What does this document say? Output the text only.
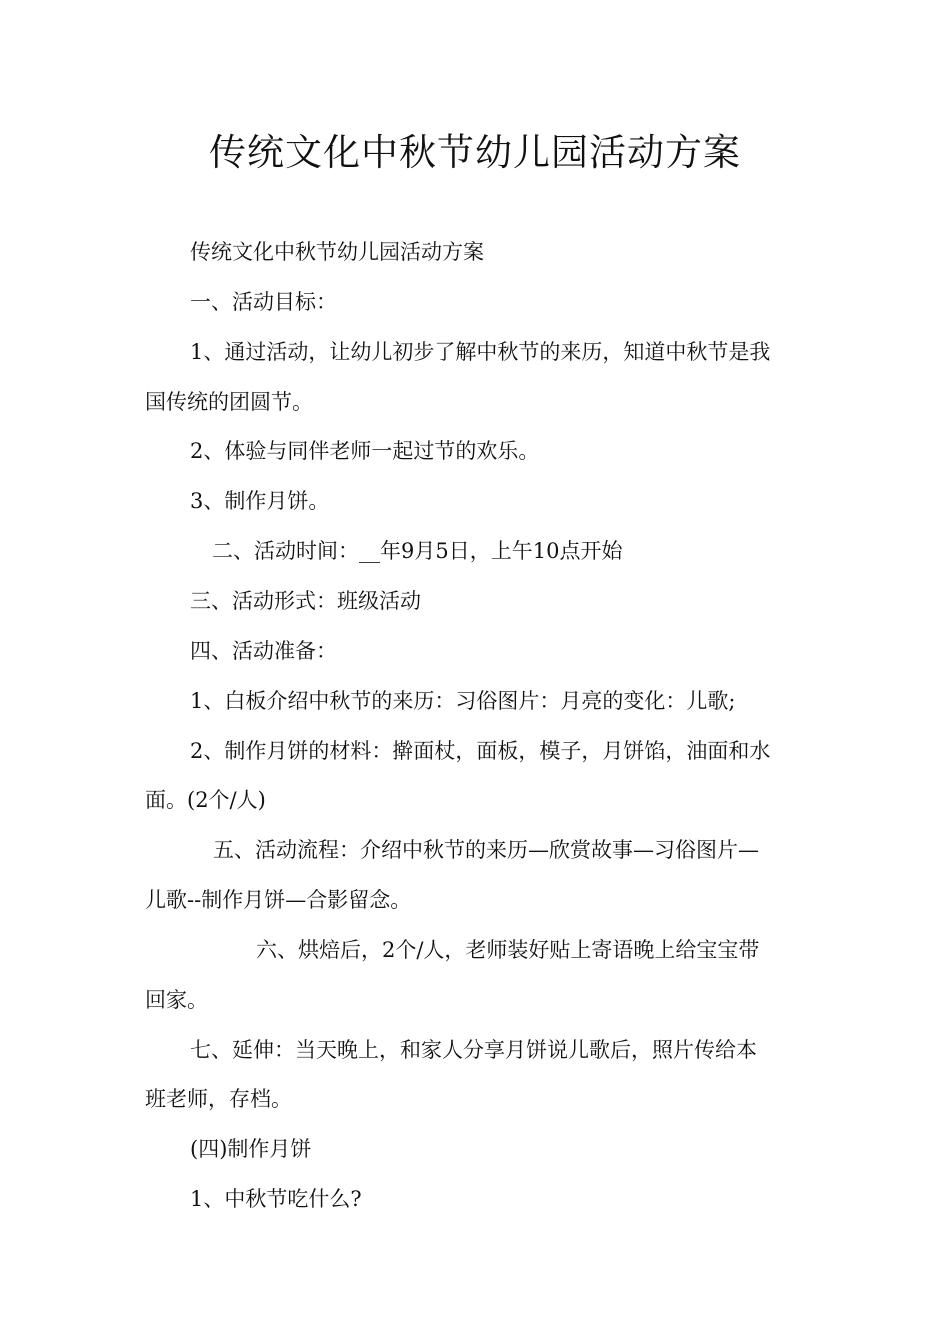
传统文化中秋节幼儿园活动方案
传统文化中秋节幼儿园活动方案
一、活动目标：
1、通过活动，让幼儿初步了解中秋节的来历，知道中秋节是我
国传统的团圆节。
2、体验与同伴老师一起过节的欢乐。
3、制作月饼。
二、活动时间：__年9月5日，上午10点开始
三、活动形式：班级活动
四、活动准备：
1、白板介绍中秋节的来历：习俗图片：月亮的变化：儿歌;
2、制作月饼的材料：擀面杖，面板，模子，月饼馅，油面和水
面。(2个/人)
五、活动流程：介绍中秋节的来历—欣赏故事—习俗图片—
儿歌--制作月饼—合影留念。
六、烘焙后，2个/人，老师装好贴上寄语晚上给宝宝带
回家。
七、延伸：当天晚上，和家人分享月饼说儿歌后，照片传给本
班老师，存档。
(四)制作月饼
1、中秋节吃什么?
